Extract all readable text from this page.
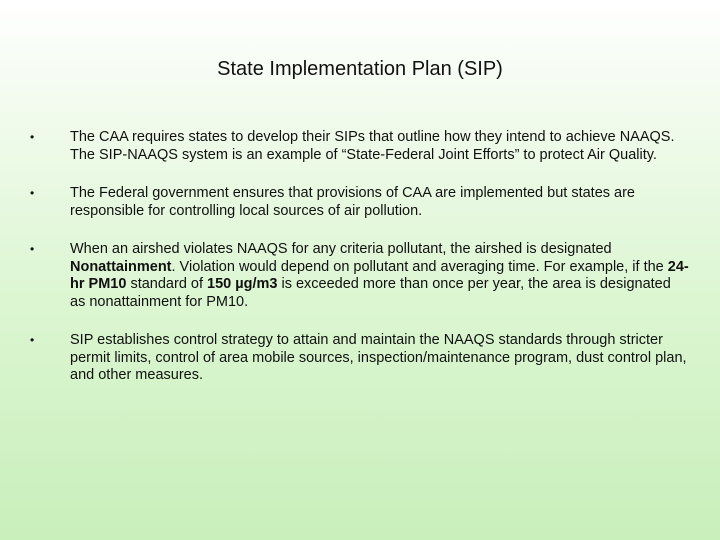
State Implementation Plan (SIP)
•	The CAA requires states to develop their SIPs that outline how they intend to achieve NAAQS. The SIP-NAAQS system is an example of “State-Federal Joint Efforts” to protect Air Quality.
•	The Federal government ensures that provisions of CAA are implemented but states are responsible for controlling local sources of air pollution.
•	When an airshed violates NAAQS for any criteria pollutant, the airshed is designated Nonattainment. Violation would depend on pollutant and averaging time. For example, if the 24-hr PM10 standard of 150 µg/m3 is exceeded more than once per year, the area is designated as nonattainment for PM10.
•	SIP establishes control strategy to attain and maintain the NAAQS standards through stricter permit limits, control of area mobile sources, inspection/maintenance program, dust control plan, and other measures.
